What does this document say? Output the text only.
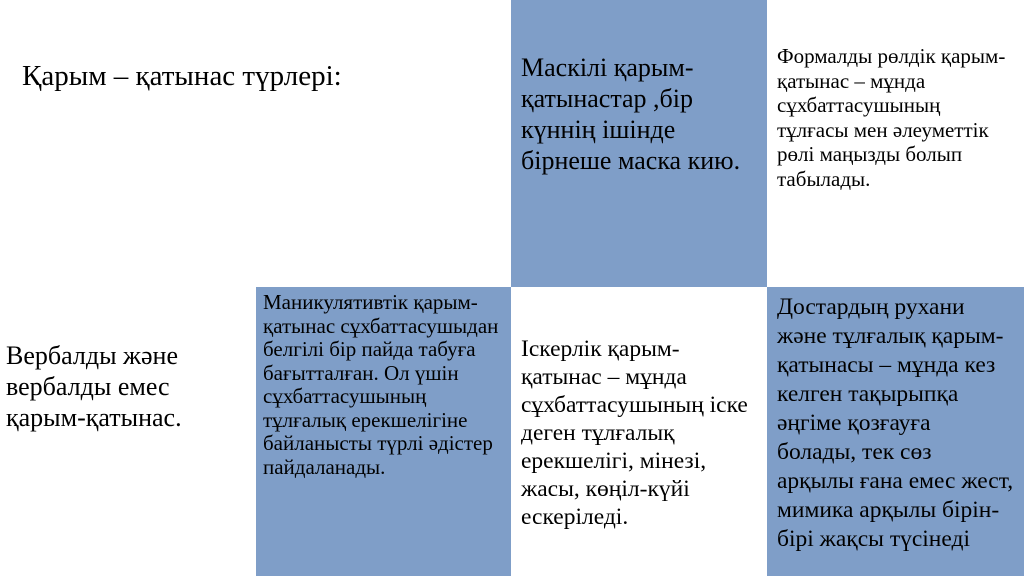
Қарым – қатынас түрлері:
Вербалды және вербалды емес қарым-қатынас.
Маскілі қарым-қатынастар ,бір күннің ішінде бірнеше маска кию.
Формалды рөлдік қарым-қатынас – мұнда сұхбаттасушының тұлғасы мен әлеуметтік рөлі маңызды болып табылады.
Маникулятивтік қарым-қатынас сұхбаттасушыдан белгілі бір пайда табуға бағытталған. Ол үшін сұхбаттасушының тұлғалық ерекшелігіне байланысты түрлі әдістер пайдаланады.
Іскерлік қарым-қатынас – мұнда сұхбаттасушының іске деген тұлғалық ерекшелігі, мінезі, жасы, көңіл-күйі ескеріледі.
Достардың рухани және тұлғалық қарым-қатынасы – мұнда кез келген тақырыпқа әңгіме қозғауға болады, тек сөз арқылы ғана емес жест, мимика арқылы бірін-бірі жақсы түсінеді
